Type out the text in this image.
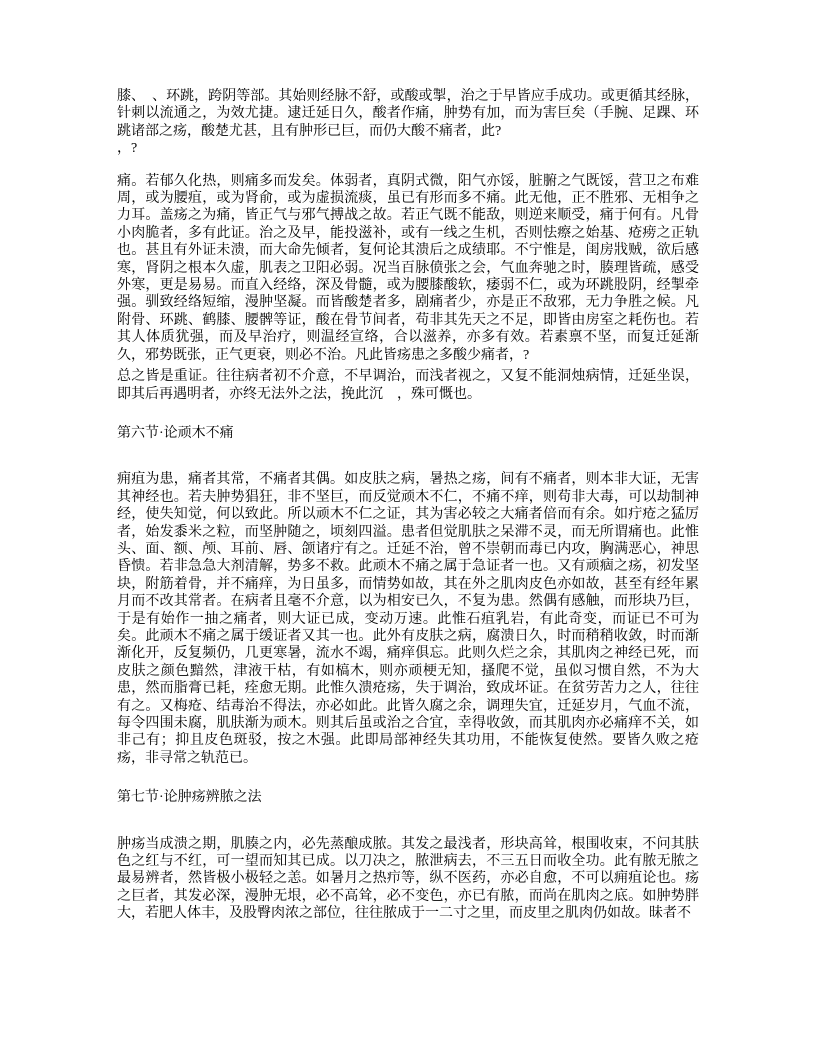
膝、　、环跳，跨阴等部。其始则经脉不舒，或酸或掣，治之于早皆应手成功。或更循其经脉，针刺以流通之，为效尤捷。逮迁延日久，酸者作痛，肿势有加，而为害巨矣（手腕、足踝、环跳诸部之疡，酸楚尤甚，且有肿形已巨，而仍大酸不痛者，此?

，?

痛。若郁久化热，则痛多而发矣。体弱者，真阴式微，阳气亦馁，脏腑之气既馁，营卫之布难周，或为腰疽，或为肾俞，或为虚损流痰，虽已有形而多不痛。此无他，正不胜邪、无相争之力耳。盖疡之为痛，皆正气与邪气搏战之故。若正气既不能敌，则逆来顺受，痛于何有。凡骨小肉脆者，多有此证。治之及早，能投滋补，或有一线之生机，否则怯瘵之始基、疮痨之正轨也。甚且有外证未溃，而大命先倾者，复何论其溃后之成绩耶。不宁惟是，闺房戕贼，欲后感寒，肾阴之根本久虚，肌表之卫阳必弱。况当百脉偾张之会，气血奔驰之时，腠理皆疏，感受外寒，更是易易。而直入经络，深及骨髓，或为腰膝酸软，痿弱不仁，或为环跳股阴，经掣牵强。驯致经络短缩，漫肿坚凝。而皆酸楚者多，剧痛者少，亦是正不敌邪，无力争胜之候。凡附骨、环跳、鹤膝、腰髀等证，酸在骨节间者，苟非其先天之不足，即皆由房室之耗伤也。若其人体质犹强，而及早治疗，则温经宣络，合以滋养，亦多有效。若素禀不坚，而复迁延渐久，邪势既张，正气更衰，则必不治。凡此皆疡患之多酸少痛者，?

总之皆是重证。往往病者初不介意，不早调治，而浅者视之，又复不能洞烛病情，迁延坐误，即其后再遇明者，亦终无法外之法，挽此沉　，殊可慨也。

第六节·论顽木不痛

痈疽为患，痛者其常，不痛者其偶。如皮肤之病，暑热之疡，间有不痛者，则本非大证，无害其神经也。若夫肿势猖狂，非不坚巨，而反觉顽木不仁，不痛不痒，则苟非大毒，可以劫制神经，使失知觉，何以致此。所以顽木不仁之证，其为害必较之大痛者倍而有余。如疔疮之猛厉者，始发黍米之粒，而坚肿随之，顷刻四溢。患者但觉肌肤之呆滞不灵，而无所谓痛也。此惟头、面、额、颅、耳前、唇、颌诸疔有之。迁延不治，曾不崇朝而毒已内攻，胸满恶心，神思昏愦。若非急急大剂清解，势多不救。此顽木不痛之属于急证者一也。又有顽痼之疡，初发坚块，附筋着骨，并不痛痒，为日虽多，而情势如故，其在外之肌肉皮色亦如故，甚至有经年累月而不改其常者。在病者且毫不介意，以为相安已久，不复为患。然偶有感触，而形块乃巨，于是有始作一抽之痛者，则大证已成，变动万速。此惟石疽乳岩，有此奇变，而证已不可为矣。此顽木不痛之属于缓证者又其一也。此外有皮肤之病，腐溃日久，时而稍稍收敛，时而渐渐化开，反复频仍，几更寒暑，流水不竭，痛痒俱忘。此则久烂之余，其肌肉之神经已死，而皮肤之颜色黯然，津液干枯，有如槁木，则亦顽梗无知，搔爬不觉，虽似习惯自然，不为大患，然而脂膏已耗，痊愈无期。此惟久溃疮疡，失于调治，致成坏证。在贫劳苦力之人，往往有之。又梅疮、结毒治不得法，亦必如此。此皆久腐之余，调理失宜，迁延岁月，气血不流，每令四围未腐，肌肤渐为顽木。则其后虽或治之合宜，幸得收敛，而其肌肉亦必痛痒不关，如非己有；抑且皮色斑驳，按之木强。此即局部神经失其功用，不能恢复使然。要皆久败之疮疡，非寻常之轨范已。

第七节·论肿疡辨脓之法

肿疡当成溃之期，肌腠之内，必先蒸酿成脓。其发之最浅者，形块高耸，根围收束，不问其肤色之红与不红，可一望而知其已成。以刀决之，脓泄病去，不三五日而收全功。此有脓无脓之最易辨者，然皆极小极轻之恙。如暑月之热疖等，纵不医药，亦必自愈，不可以痈疽论也。疡之巨者，其发必深，漫肿无垠，必不高耸，必不变色，亦已有脓，而尚在肌肉之底。如肿势胖大，若肥人体丰，及股臀肉浓之部位，往往脓成于一二寸之里，而皮里之肌肉仍如故。昧者不
